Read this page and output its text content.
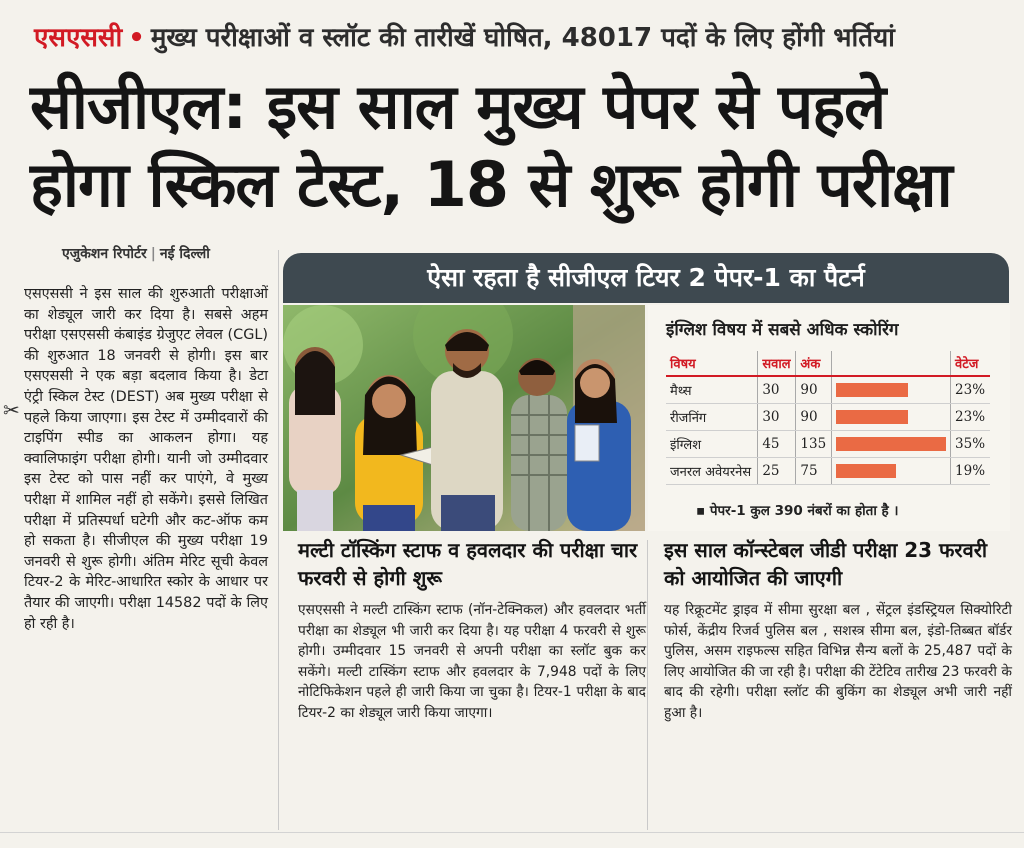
एसएससी • मुख्य परीक्षाओं व स्लॉट की तारीखें घोषित, 48017 पदों के लिए होंगी भर्तियां
सीजीएल: इस साल मुख्य पेपर से पहले
होगा स्किल टेस्ट, 18 से शुरू होगी परीक्षा
एजुकेशन रिपोर्टर | नई दिल्ली
✂

एसएससी ने इस साल की शुरुआती परीक्षाओं का शेड्यूल जारी कर दिया है। सबसे अहम परीक्षा एसएससी कंबाइंड ग्रेजुएट लेवल (CGL) की शुरुआत 18 जनवरी से होगी। इस बार एसएससी ने एक बड़ा बदलाव किया है। डेटा एंट्री स्किल टेस्ट (DEST) अब मुख्य परीक्षा से पहले किया जाएगा। इस टेस्ट में उम्मीदवारों की टाइपिंग स्पीड का आकलन होगा। यह क्वालिफाइंग परीक्षा होगी। यानी जो उम्मीदवार इस टेस्ट को पास नहीं कर पाएंगे, वे मुख्य परीक्षा में शामिल नहीं हो सकेंगे। इससे लिखित परीक्षा में प्रतिस्पर्धा घटेगी और कट-ऑफ कम हो सकता है। सीजीएल की मुख्य परीक्षा 19 जनवरी से शुरू होगी। अंतिम मेरिट सूची केवल टियर-2 के मेरिट-आधारित स्कोर के आधार पर तैयार की जाएगी। परीक्षा 14582 पदों के लिए हो रही है।

ऐसा रहता है सीजीएल टियर 2 पेपर-1 का पैटर्न
इंग्लिश विषय में सबसे अधिक स्कोरिंग
विषय	सवाल	अंक		वेटेज
मैथ्स	30	90		23%
रीजनिंग	30	90		23%
इंग्लिश	45	135		35%
जनरल अवेयरनेस	25	75		19%
▪ पेपर-1 कुल 390 नंबरों का होता है ।
मल्टी टॉस्किंग स्टाफ व हवलदार की परीक्षा चार फरवरी से होगी शुरू

एसएससी ने मल्टी टास्किंग स्टाफ (नॉन-टेक्निकल) और हवलदार भर्ती परीक्षा का शेड्यूल भी जारी कर दिया है। यह परीक्षा 4 फरवरी से शुरू होगी। उम्मीदवार 15 जनवरी से अपनी परीक्षा का स्लॉट बुक कर सकेंगे। मल्टी टास्किंग स्टाफ और हवलदार के 7,948 पदों के लिए नोटिफिकेशन पहले ही जारी किया जा चुका है। टियर-1 परीक्षा के बाद टियर-2 का शेड्यूल जारी किया जाएगा।

इस साल कॉन्स्टेबल जीडी परीक्षा 23 फरवरी को आयोजित की जाएगी

यह रिक्रूटमेंट ड्राइव में सीमा सुरक्षा बल , सेंट्रल इंडस्ट्रियल सिक्योरिटी फोर्स, केंद्रीय रिजर्व पुलिस बल , सशस्त्र सीमा बल, इंडो-तिब्बत बॉर्डर पुलिस, असम राइफल्स सहित विभिन्न सैन्य बलों के 25,487 पदों के लिए आयोजित की जा रही है। परीक्षा की टेंटेटिव तारीख 23 फरवरी के बाद की रहेगी। परीक्षा स्लॉट की बुकिंग का शेड्यूल अभी जारी नहीं हुआ है।
